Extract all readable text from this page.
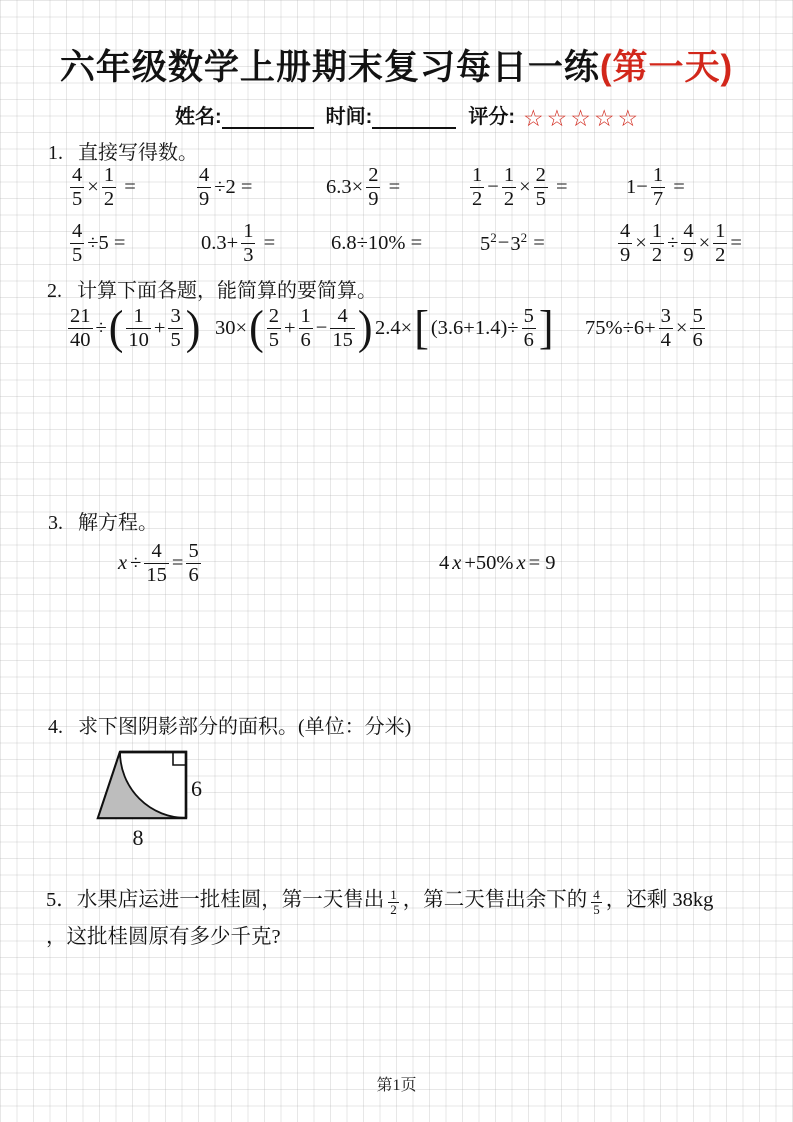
六年级数学上册期末复习每日一练(第一天)
姓名:	时间:	评分: ☆☆☆☆☆
1. 直接写得数。
$\frac{4}{5} \times \frac{1}{2}$ =	$\frac{4}{9} \div 2$ =	$6.3\times \frac{2}{9}$ =	$\frac{1}{2} - \frac{1}{2} \times \frac{2}{5}$ =	$1- \frac{1}{7}$ =
$\frac{4}{5} \div 5$ =	$0.3+ \frac{1}{3}$ =	6.8÷10% =	$5^2 - 3^2$ =	$\frac{4}{9} \times \frac{1}{2} \div \frac{4}{9} \times \frac{1}{2}$ =
2. 计算下面各题，能简算的要简算。
$\frac{21}{40}$ ÷ ( $\frac{1}{10} + \frac{3}{5}$ ) 30× ( $\frac{2}{5} + \frac{1}{6} - \frac{4}{15}$ ) 2.4× [ $(3.6+1.4)\div \frac{5}{6}$ ] $75\%\div 6+ \frac{3}{4} \times \frac{5}{6}$
3. 解方程。
$x \div \frac{4}{15} = \frac{5}{6}$	4 x +50% x = 9
4. 求下图阴影部分的面积。(单位：分米)
6
8
5．水果店运进一批桂圆，第一天售出 $\frac{1}{2}$ ，第二天售出余下的 $\frac{4}{5}$ ，还剩 38kg
，这批桂圆原有多少千克?
第1页
